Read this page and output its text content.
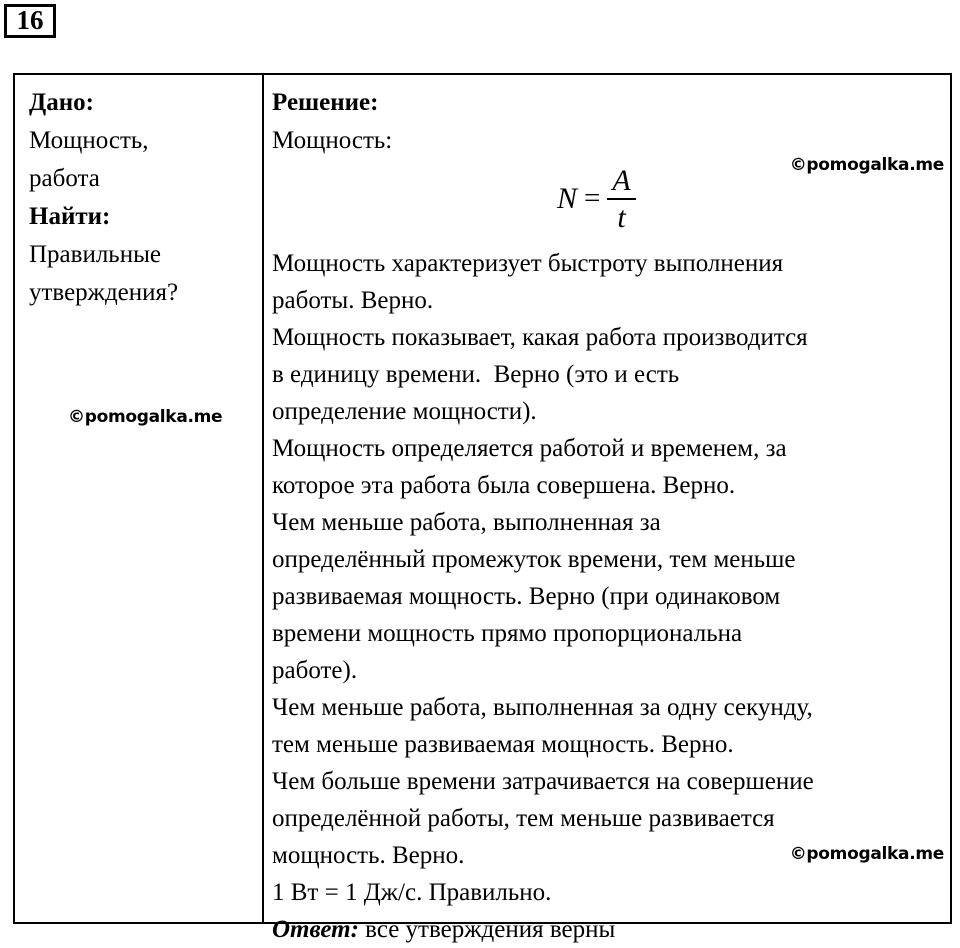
16
Дано:
Мощность,
работа
Найти:
Правильные
утверждения?
©pomogalka.me
Решение:
Мощность:
$N = \frac{A}{t}$
Мощность характеризует быстроту выполнения
работы. Верно.
Мощность показывает, какая работа производится
в единицу времени.  Верно (это и есть
определение мощности).
Мощность определяется работой и временем, за
которое эта работа была совершена. Верно.
Чем меньше работа, выполненная за
определённый промежуток времени, тем меньше
развиваемая мощность. Верно (при одинаковом
времени мощность прямо пропорциональна
работе).
Чем меньше работа, выполненная за одну секунду,
тем меньше развиваемая мощность. Верно.
Чем больше времени затрачивается на совершение
определённой работы, тем меньше развивается
мощность. Верно.
1 Вт = 1 Дж/с. Правильно.
Ответ: все утверждения верны
©pomogalka.me
©pomogalka.me
